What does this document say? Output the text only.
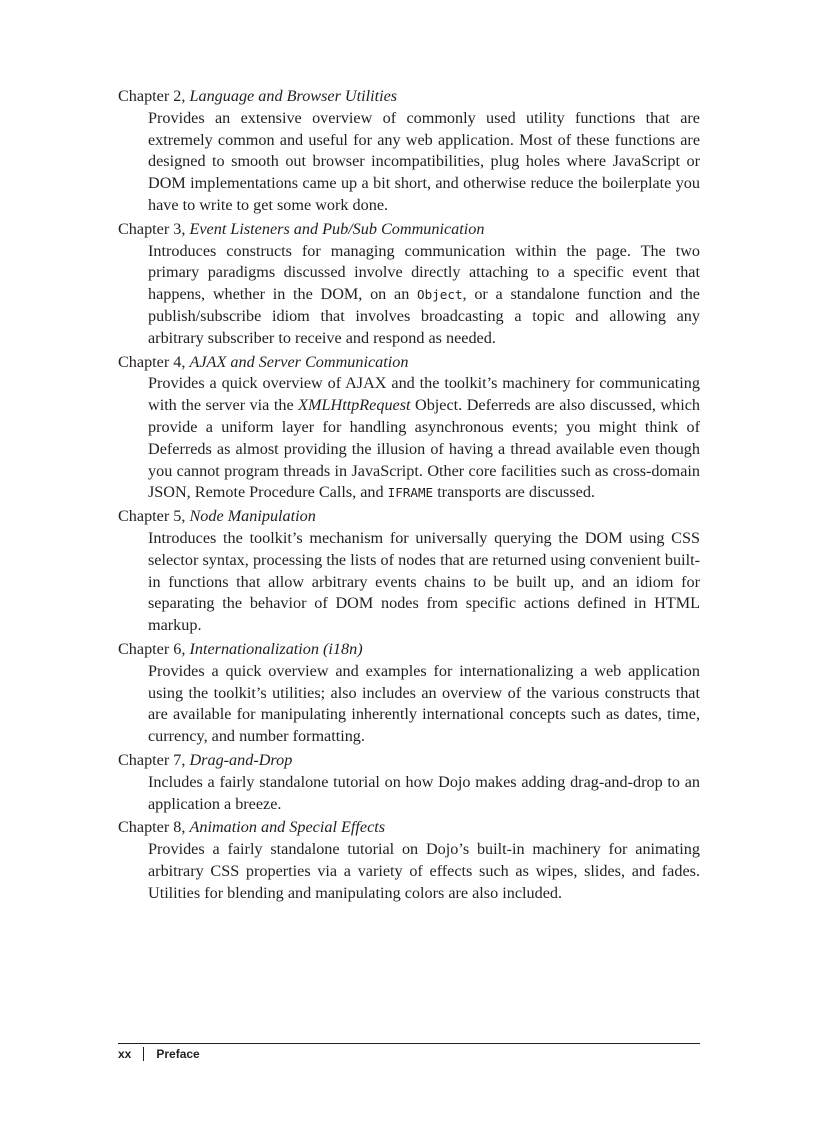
Chapter 2, Language and Browser Utilities
Provides an extensive overview of commonly used utility functions that are extremely common and useful for any web application. Most of these functions are designed to smooth out browser incompatibilities, plug holes where JavaScript or DOM implementations came up a bit short, and otherwise reduce the boilerplate you have to write to get some work done.
Chapter 3, Event Listeners and Pub/Sub Communication
Introduces constructs for managing communication within the page. The two primary paradigms discussed involve directly attaching to a specific event that happens, whether in the DOM, on an Object, or a standalone function and the publish/subscribe idiom that involves broadcasting a topic and allowing any arbitrary subscriber to receive and respond as needed.
Chapter 4, AJAX and Server Communication
Provides a quick overview of AJAX and the toolkit’s machinery for communicating with the server via the XMLHttpRequest Object. Deferreds are also discussed, which provide a uniform layer for handling asynchronous events; you might think of Deferreds as almost providing the illusion of having a thread available even though you cannot program threads in JavaScript. Other core facilities such as cross-domain JSON, Remote Procedure Calls, and IFRAME transports are discussed.
Chapter 5, Node Manipulation
Introduces the toolkit’s mechanism for universally querying the DOM using CSS selector syntax, processing the lists of nodes that are returned using convenient built-in functions that allow arbitrary events chains to be built up, and an idiom for separating the behavior of DOM nodes from specific actions defined in HTML markup.
Chapter 6, Internationalization (i18n)
Provides a quick overview and examples for internationalizing a web application using the toolkit’s utilities; also includes an overview of the various constructs that are available for manipulating inherently international concepts such as dates, time, currency, and number formatting.
Chapter 7, Drag-and-Drop
Includes a fairly standalone tutorial on how Dojo makes adding drag-and-drop to an application a breeze.
Chapter 8, Animation and Special Effects
Provides a fairly standalone tutorial on Dojo’s built-in machinery for animating arbitrary CSS properties via a variety of effects such as wipes, slides, and fades. Utilities for blending and manipulating colors are also included.
xx Preface
